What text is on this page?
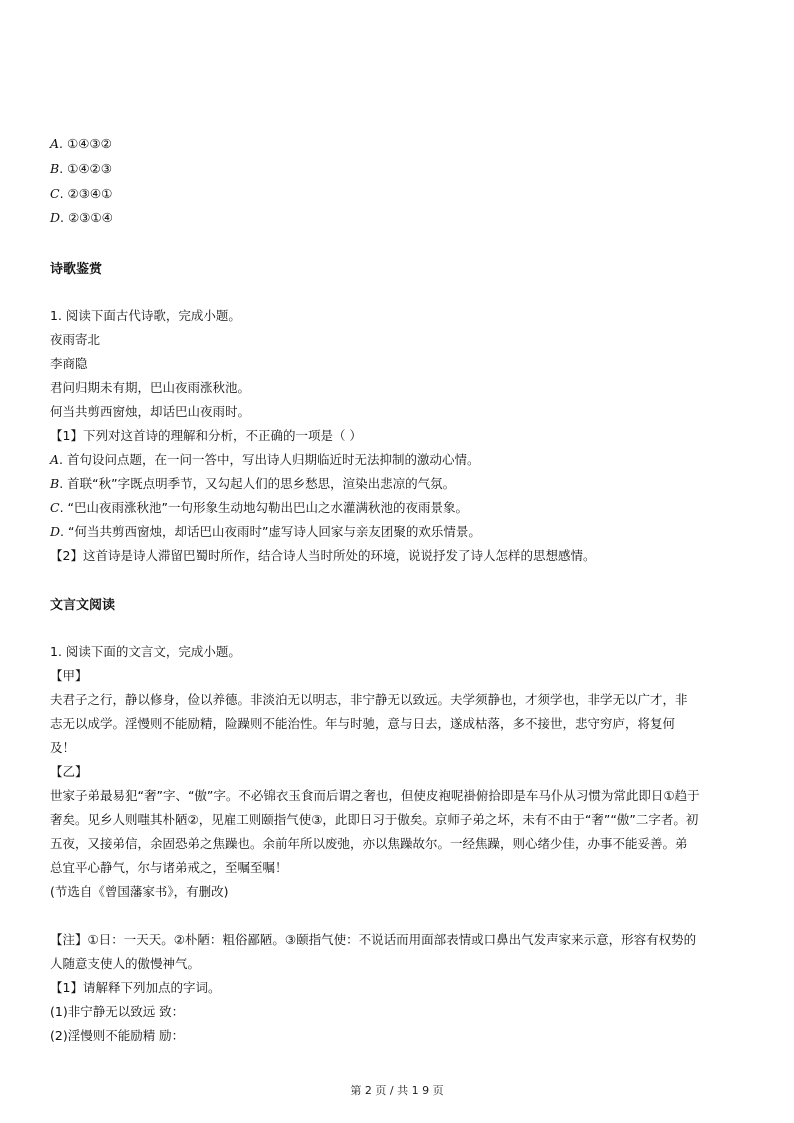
A. ①④③②
B. ①④②③
C. ②③④①
D. ②③①④
诗歌鉴赏
1. 阅读下面古代诗歌，完成小题。
夜雨寄北
李商隐
君问归期未有期，巴山夜雨涨秋池。
何当共剪西窗烛，却话巴山夜雨时。
【1】下列对这首诗的理解和分析，不正确的一项是（ ）
A. 首句设问点题，在一问一答中，写出诗人归期临近时无法抑制的激动心情。
B. 首联“秋”字既点明季节，又勾起人们的思乡愁思，渲染出悲凉的气氛。
C. “巴山夜雨涨秋池”一句形象生动地勾勒出巴山之水灌满秋池的夜雨景象。
D. “何当共剪西窗烛，却话巴山夜雨时”虚写诗人回家与亲友团聚的欢乐情景。
【2】这首诗是诗人滞留巴蜀时所作，结合诗人当时所处的环境，说说抒发了诗人怎样的思想感情。
文言文阅读
1. 阅读下面的文言文，完成小题。
【甲】
夫君子之行，静以修身，俭以养德。非淡泊无以明志，非宁静无以致远。夫学须静也，才须学也，非学无以广才，非
志无以成学。淫慢则不能励精，险躁则不能治性。年与时驰，意与日去，遂成枯落，多不接世，悲守穷庐，将复何
及！
【乙】
世家子弟最易犯“奢”字、“傲”字。不必锦衣玉食而后谓之奢也，但使皮袍呢褂俯拾即是车马仆从习惯为常此即日①趋于
奢矣。见乡人则嗤其朴陋②，见雇工则颐指气使③，此即日习于傲矣。京师子弟之坏，未有不由于“奢”“傲”二字者。初
五夜，又接弟信，余固恐弟之焦躁也。余前年所以废弛，亦以焦躁故尔。一经焦躁，则心绪少佳，办事不能妥善。弟
总宜平心静气，尔与诸弟戒之，至嘱至嘱！
(节选自《曾国藩家书》，有删改)
【注】①日：一天天。②朴陋：粗俗鄙陋。③颐指气使：不说话而用面部表情或口鼻出气发声家来示意，形容有权势的
人随意支使人的傲慢神气。
【1】请解释下列加点的字词。
(1)非宁静无以致远 致：
(2)淫慢则不能励精 励：
第 2 页 / 共 1 9 页
